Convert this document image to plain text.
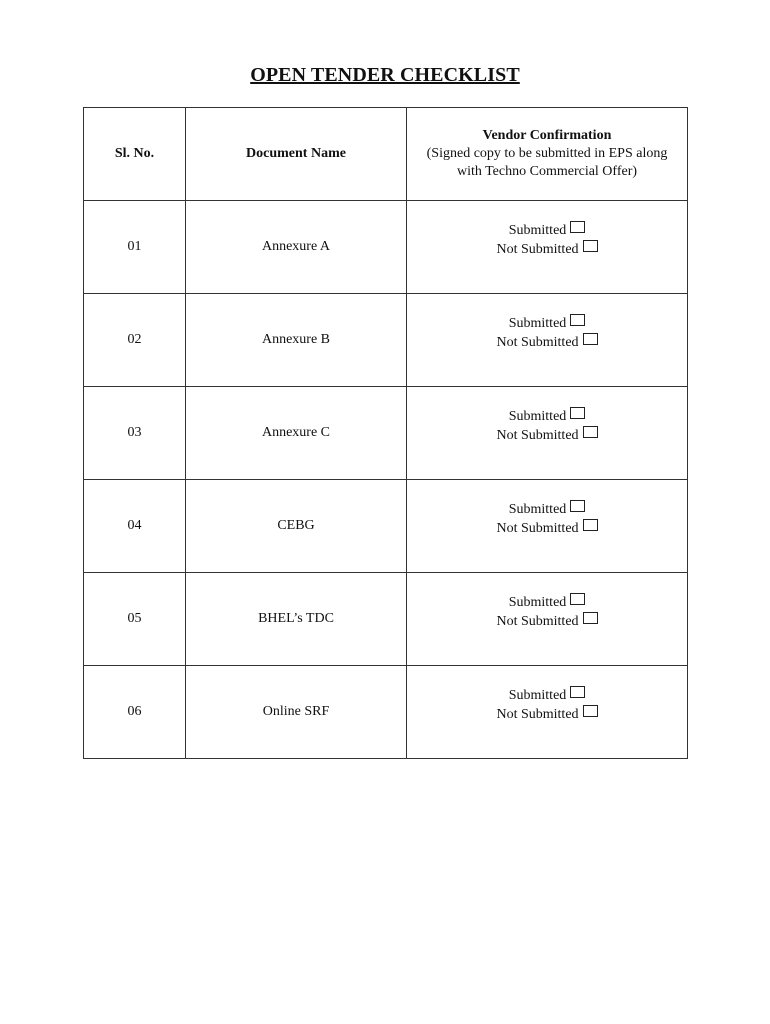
OPEN TENDER CHECKLIST
Sl. No.	Document Name	Vendor Confirmation
(Signed copy to be submitted in EPS along
with Techno Commercial Offer)

01	Annexure A	Submitted
Not Submitted

02	Annexure B	Submitted
Not Submitted

03	Annexure C	Submitted
Not Submitted

04	CEBG	Submitted
Not Submitted

05	BHEL’s TDC	Submitted
Not Submitted

06	Online SRF	Submitted
Not Submitted
